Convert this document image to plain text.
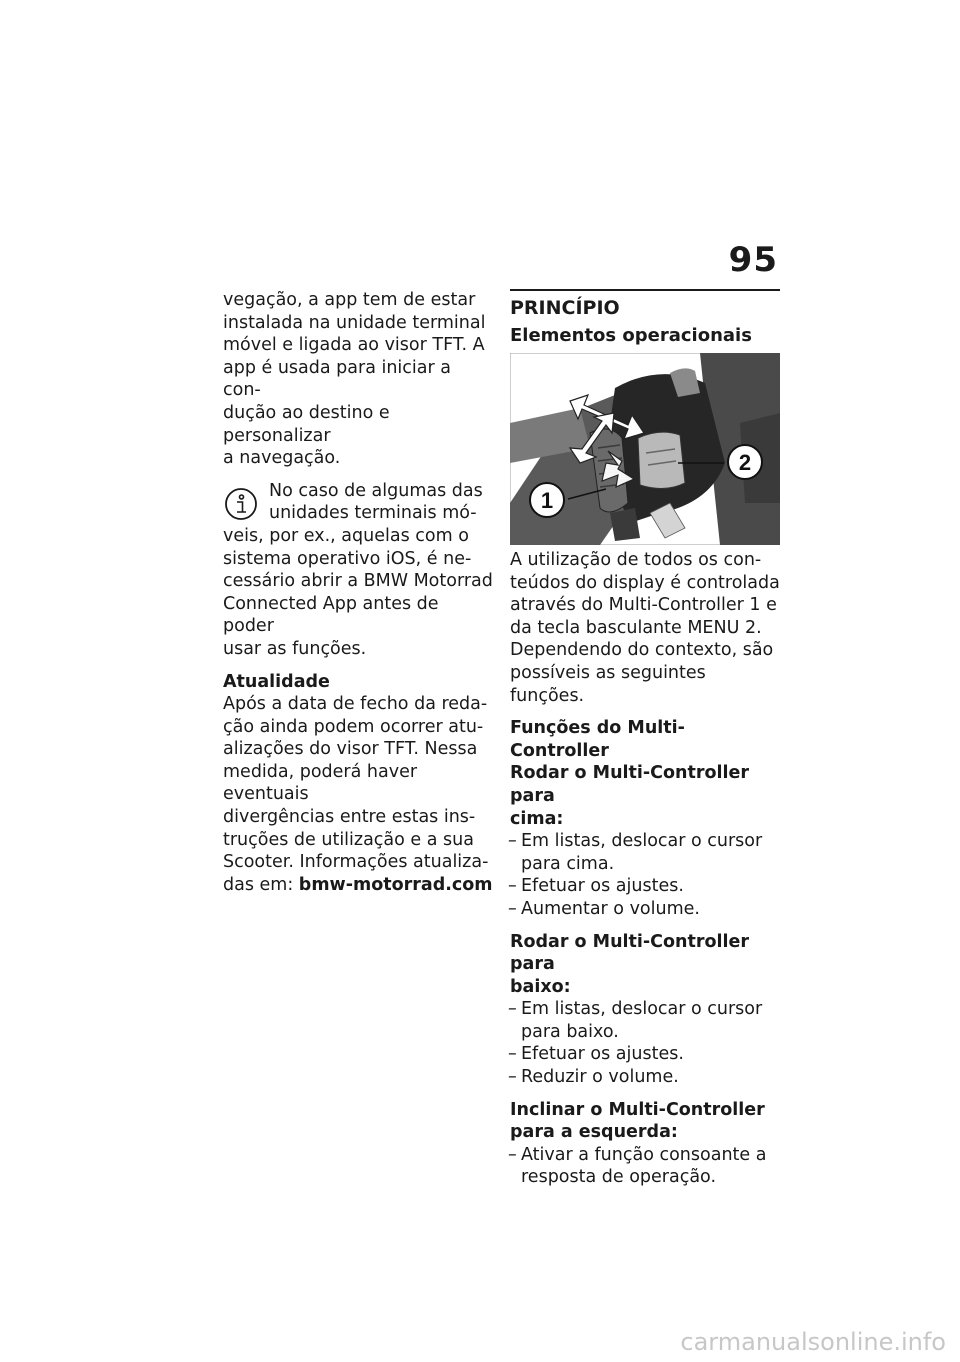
95
vegação, a app tem de estar
instalada na unidade terminal
móvel e ligada ao visor TFT. A
app é usada para iniciar a con-
dução ao destino e personalizar
a navegação.
No caso de algumas das
unidades terminais mó-
veis, por ex., aquelas com o
sistema operativo iOS, é ne-
cessário abrir a BMW Motorrad
Connected App antes de poder
usar as funções.
Atualidade
Após a data de fecho da reda-
ção ainda podem ocorrer atu-
alizações do visor TFT. Nessa
medida, poderá haver eventuais
divergências entre estas ins-
truções de utilização e a sua
Scooter. Informações atualiza-
das em: bmw-motorrad.com
PRINCÍPIO
Elementos operacionais
1
2
A utilização de todos os con-
teúdos do display é controlada
através do Multi-Controller 1 e
da tecla basculante MENU 2.
Dependendo do contexto, são
possíveis as seguintes funções.
Funções do Multi-Controller
Rodar o Multi-Controller para
cima:
– Em listas, deslocar o cursor
para cima.
– Efetuar os ajustes.
– Aumentar o volume.
Rodar o Multi-Controller para
baixo:
– Em listas, deslocar o cursor
para baixo.
– Efetuar os ajustes.
– Reduzir o volume.
Inclinar o Multi-Controller
para a esquerda:
– Ativar a função consoante a
resposta de operação.
carmanualsonline.info
